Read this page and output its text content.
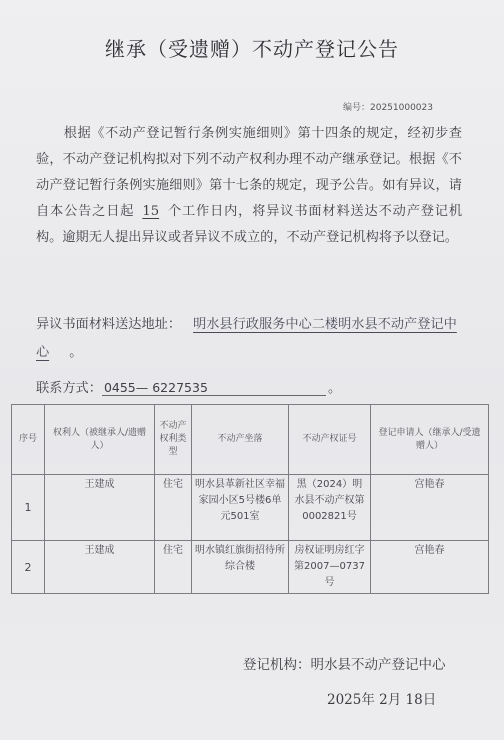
继承（受遗赠）不动产登记公告
编号：20251000023
根据《不动产登记暂行条例实施细则》第十四条的规定，经初步查验，不动产登记机构拟对下列不动产权利办理不动产继承登记。根据《不动产登记暂行条例实施细则》第十七条的规定，现予公告。如有异议，请自本公告之日起 15 个工作日内，将异议书面材料送达不动产登记机构。逾期无人提出异议或者异议不成立的，不动产登记机构将予以登记。
异议书面材料送达地址： 明水县行政服务中心二楼明水县不动产登记中心 。
联系方式： 0455— 6227535	。
序号	权利人（被继承人/遗赠人）	不动产权利类型	不动产坐落	不动产权证号	登记申请人（继承人/受遗赠人）
1	王建成	住宅	明水县革新社区幸福家园小区5号楼6单元501室	黑（2024）明水县不动产权第0002821号	宫艳春
2	王建成	住宅	明水镇红旗街招待所综合楼	房权证明房红字第2007—0737号	宫艳春
登记机构：明水县不动产登记中心
2025年 2月 18日
